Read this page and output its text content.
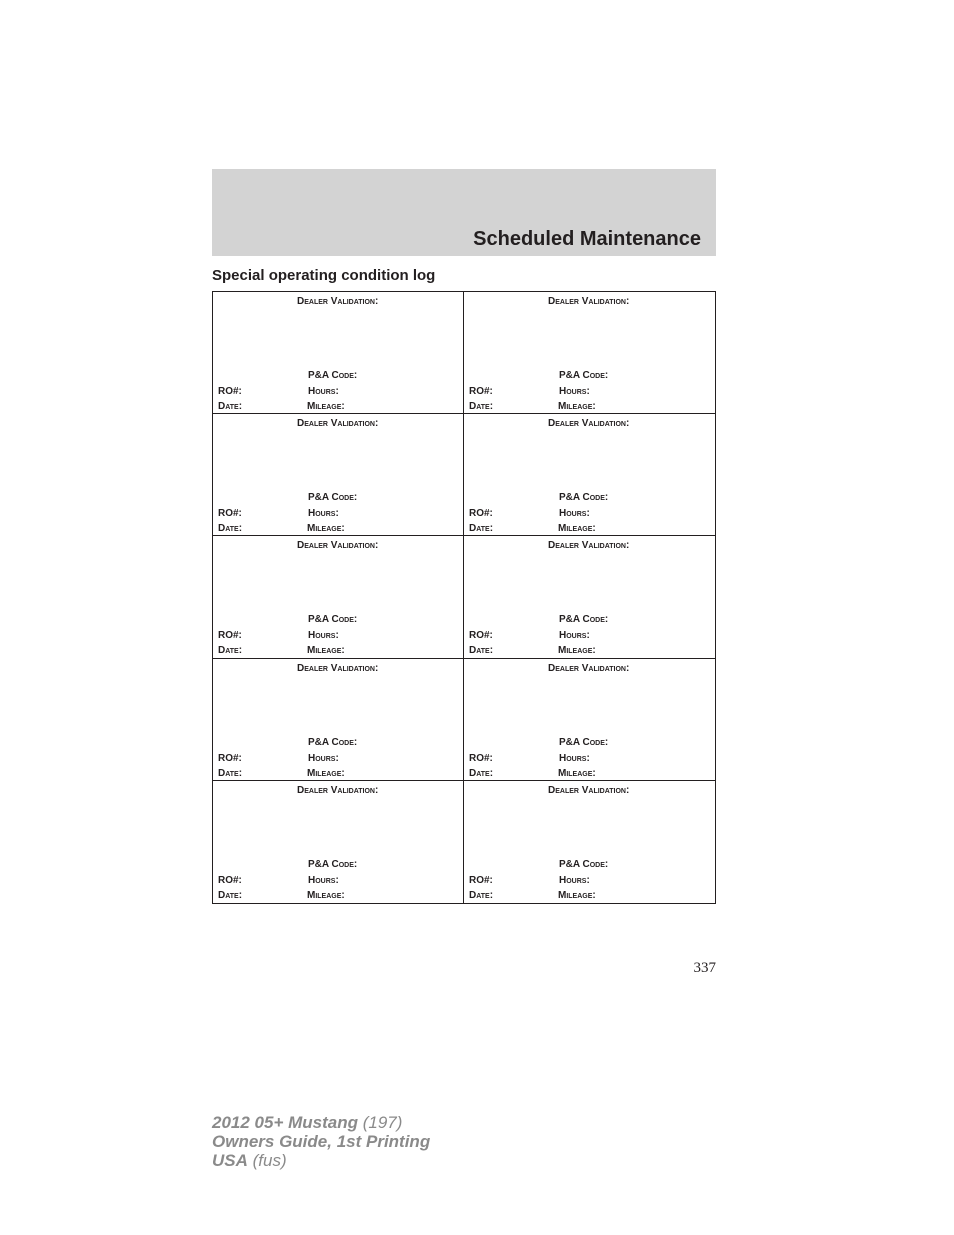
Scheduled Maintenance
Special operating condition log
Dealer Validation:
P&A Code:
RO#:	Hours:
Date:	Mileage:
Dealer Validation:
P&A Code:
RO#:	Hours:
Date:	Mileage:
Dealer Validation:
P&A Code:
RO#:	Hours:
Date:	Mileage:
Dealer Validation:
P&A Code:
RO#:	Hours:
Date:	Mileage:
Dealer Validation:
P&A Code:
RO#:	Hours:
Date:	Mileage:
Dealer Validation:
P&A Code:
RO#:	Hours:
Date:	Mileage:
Dealer Validation:
P&A Code:
RO#:	Hours:
Date:	Mileage:
Dealer Validation:
P&A Code:
RO#:	Hours:
Date:	Mileage:
Dealer Validation:
P&A Code:
RO#:	Hours:
Date:	Mileage:
Dealer Validation:
P&A Code:
RO#:	Hours:
Date:	Mileage:
337
2012 05+ Mustang (197)
Owners Guide, 1st Printing
USA (fus)
